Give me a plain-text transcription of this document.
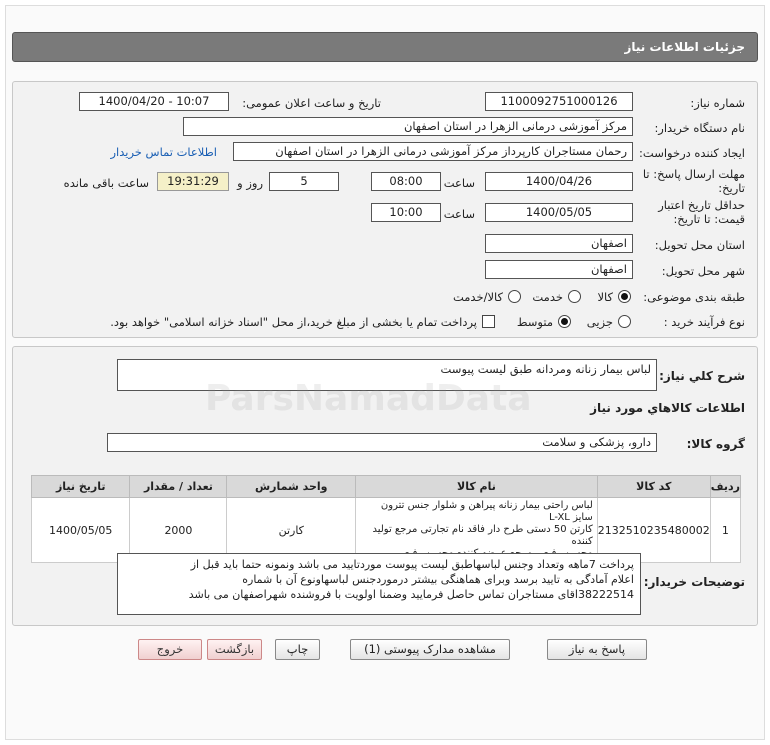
جزئیات اطلاعات نیاز
شماره نیاز:
1100092751000126
تاریخ و ساعت اعلان عمومی:
1400/04/20 - 10:07
نام دستگاه خریدار:
مرکز آموزشی درمانی الزهرا در استان اصفهان
ایجاد کننده درخواست:
رحمان مستاجران کارپرداز مرکز آموزشی درمانی الزهرا در استان اصفهان
اطلاعات تماس خریدار
مهلت ارسال پاسخ: تا
تاریخ:
1400/04/26
ساعت
08:00
5
روز و
19:31:29
ساعت باقی مانده
حداقل تاریخ اعتبار
قیمت: تا تاریخ:
1400/05/05
ساعت
10:00
استان محل تحویل:
اصفهان
شهر محل تحویل:
اصفهان
طبقه بندی موضوعی:
کالا
خدمت
کالا/خدمت
نوع فرآیند خرید :
جزیی
متوسط
پرداخت تمام یا بخشی از مبلغ خرید،از محل "اسناد خزانه اسلامی" خواهد بود.
شرح کلي نياز:
لباس بیمار زنانه ومردانه طبق لیست پیوست
اطلاعات کالاهاي مورد نياز
گروه کالا:
دارو، پزشکی و سلامت
ردیف	کد کالا	نام کالا	واحد شمارش	تعداد / مقدار	تاریخ نیاز
1	2132510235480002	لباس راحتی بیمار زنانه پیراهن و شلوار جنس تترون سایز L-XL
کارتن 50 دستی طرح دار فاقد نام تجارتی مرجع تولید کننده	کارتن	2000	1400/05/05
توضیحات خریدار:
پرداخت 7ماهه وتعداد وجنس لباسهاطبق لیست پیوست موردتایید می باشد ونمونه حتما باید قبل از
اعلام آمادگی به تایید برسد وبرای هماهنگی بیشتر درموردجنس لباسهاونوع آن با شماره
38222514اقای مستاجران تماس حاصل فرمایید وضمنا اولویت با فروشنده شهراصفهان می باشد
پاسخ به نیاز
مشاهده مدارک پیوستی (1)
چاپ
بازگشت
خروج
